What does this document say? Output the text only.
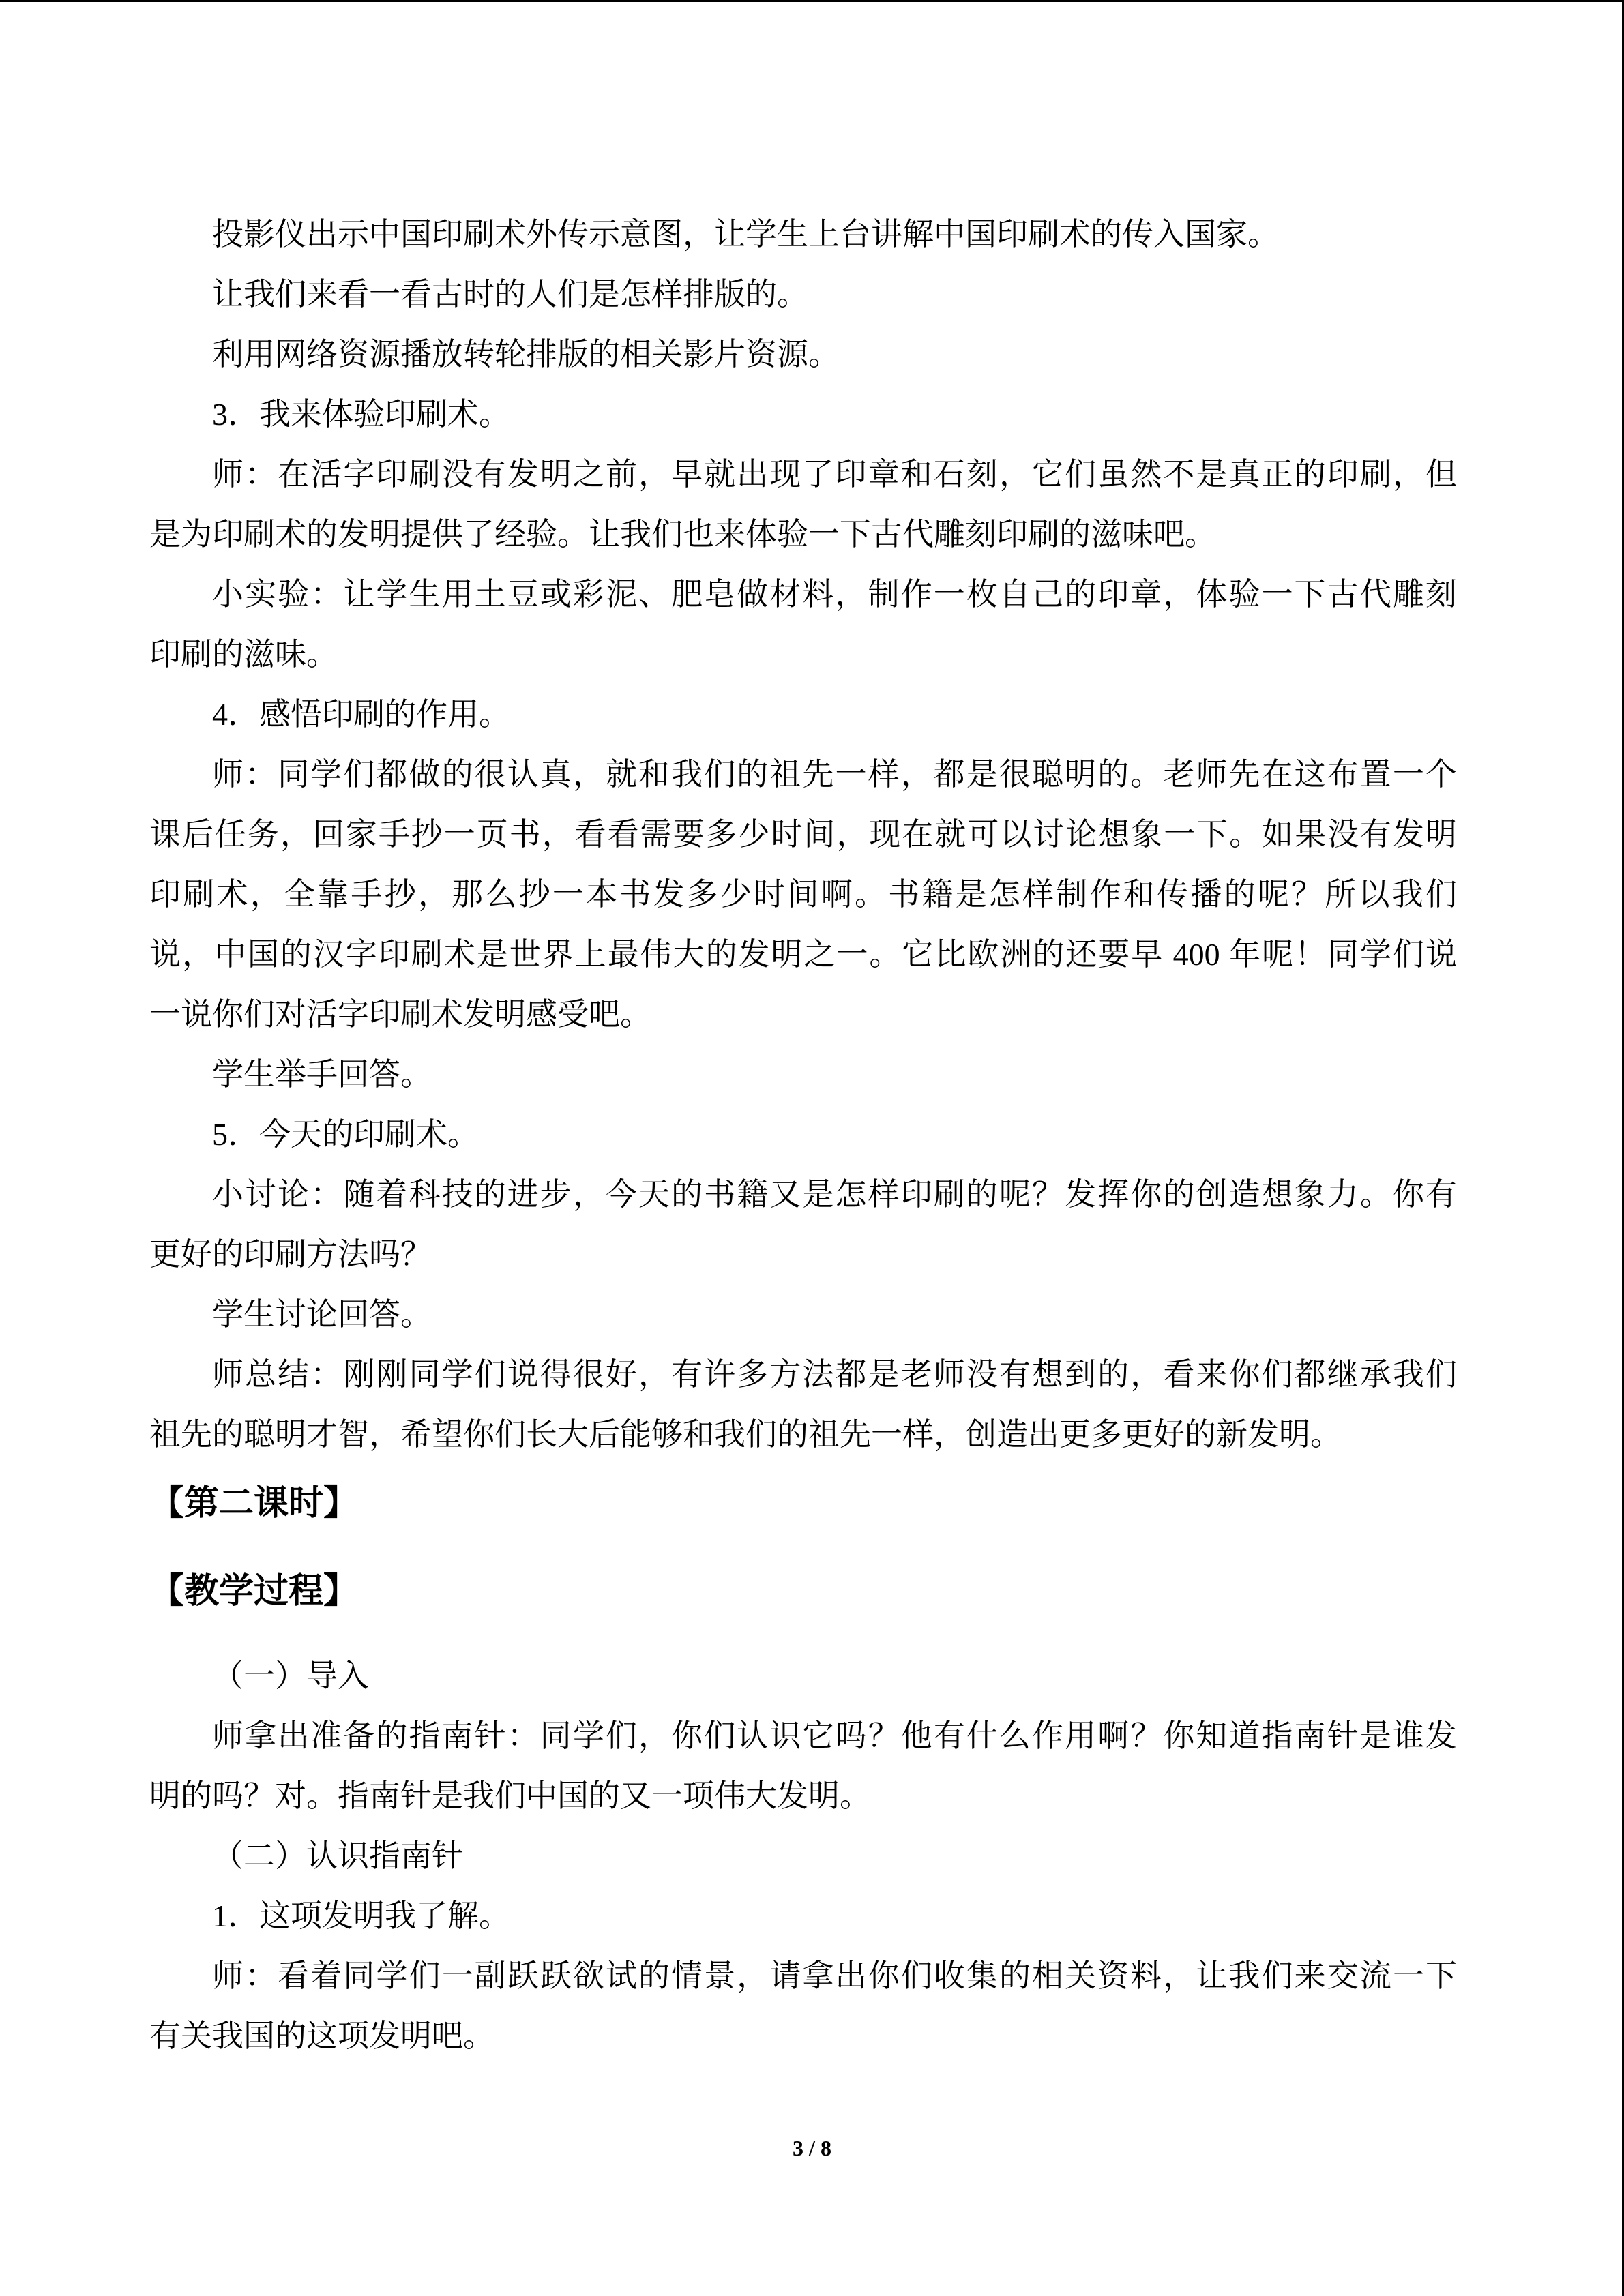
投影仪出示中国印刷术外传示意图，让学生上台讲解中国印刷术的传入国家。
让我们来看一看古时的人们是怎样排版的。
利用网络资源播放转轮排版的相关影片资源。
3．我来体验印刷术。
师：在活字印刷没有发明之前，早就出现了印章和石刻，它们虽然不是真正的印刷，但
是为印刷术的发明提供了经验。让我们也来体验一下古代雕刻印刷的滋味吧。
小实验：让学生用土豆或彩泥、肥皂做材料，制作一枚自己的印章，体验一下古代雕刻
印刷的滋味。
4．感悟印刷的作用。
师：同学们都做的很认真，就和我们的祖先一样，都是很聪明的。老师先在这布置一个
课后任务，回家手抄一页书，看看需要多少时间，现在就可以讨论想象一下。如果没有发明
印刷术，全靠手抄，那么抄一本书发多少时间啊。书籍是怎样制作和传播的呢？所以我们
说，中国的汉字印刷术是世界上最伟大的发明之一。它比欧洲的还要早 400 年呢！同学们说
一说你们对活字印刷术发明感受吧。
学生举手回答。
5．今天的印刷术。
小讨论：随着科技的进步，今天的书籍又是怎样印刷的呢？发挥你的创造想象力。你有
更好的印刷方法吗？
学生讨论回答。
师总结：刚刚同学们说得很好，有许多方法都是老师没有想到的，看来你们都继承我们
祖先的聪明才智，希望你们长大后能够和我们的祖先一样，创造出更多更好的新发明。
【第二课时】
【教学过程】
（一）导入
师拿出准备的指南针：同学们，你们认识它吗？他有什么作用啊？你知道指南针是谁发
明的吗？对。指南针是我们中国的又一项伟大发明。
（二）认识指南针
1．这项发明我了解。
师：看着同学们一副跃跃欲试的情景，请拿出你们收集的相关资料，让我们来交流一下
有关我国的这项发明吧。
3 / 8
